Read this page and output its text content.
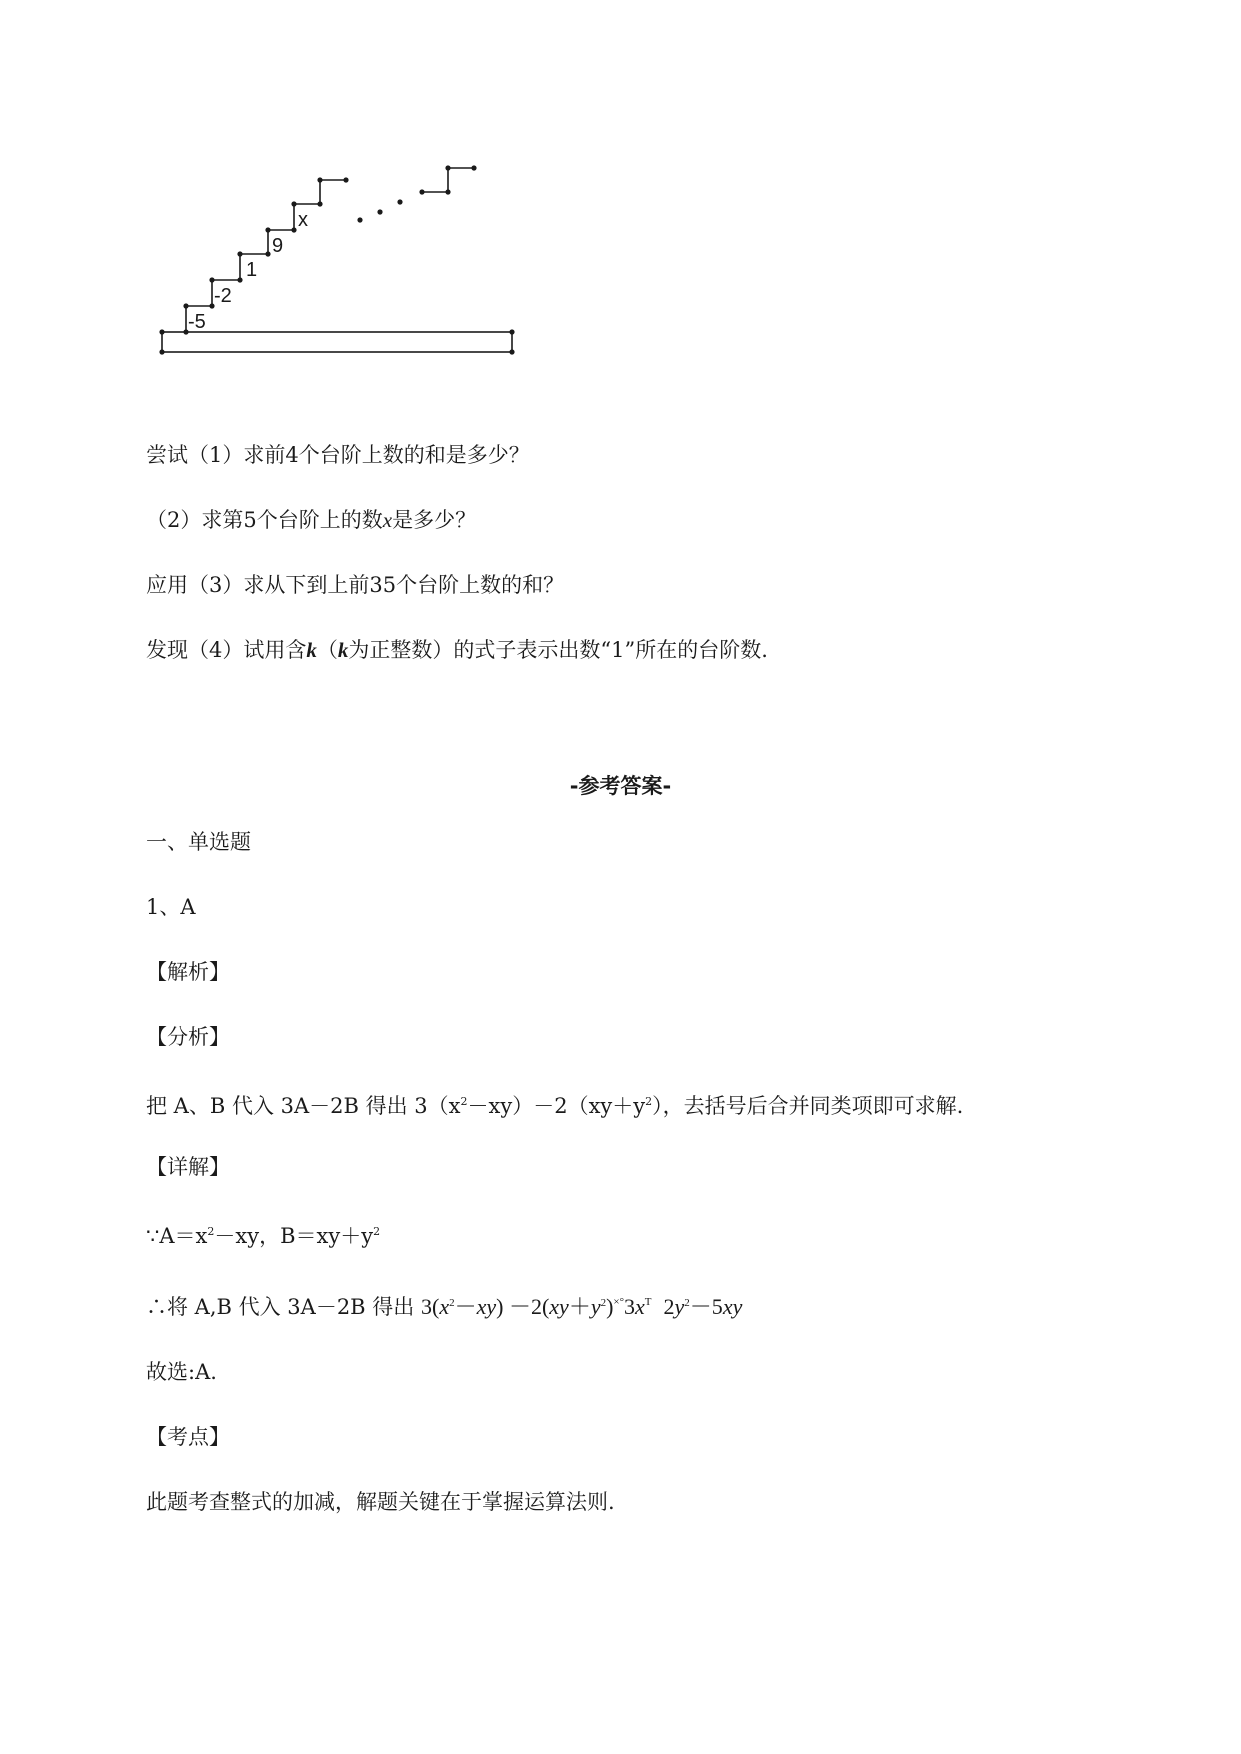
-5
-2
1
9
x
尝试（1）求前4个台阶上数的和是多少？
（2）求第5个台阶上的数x是多少？
应用（3）求从下到上前35个台阶上数的和？
发现（4）试用含k（k为正整数）的式子表示出数“1”所在的台阶数.
-参考答案-
一、单选题
1、A
【解析】
【分析】
把 A、B 代入 3A－2B 得出 $3(x^2-xy)-2(xy+y^2)$，去括号后合并同类项即可求解.
【详解】
$\because A=x^2-xy$，$B=xy+y^2$
∴将 A,B 代入 3A－2B 得出 $3(x^2-xy) -2(xy+y^2)^{\times^\circ}3x^T$ $2y^2-5xy$
故选:A.
【考点】
此题考查整式的加减，解题关键在于掌握运算法则.
